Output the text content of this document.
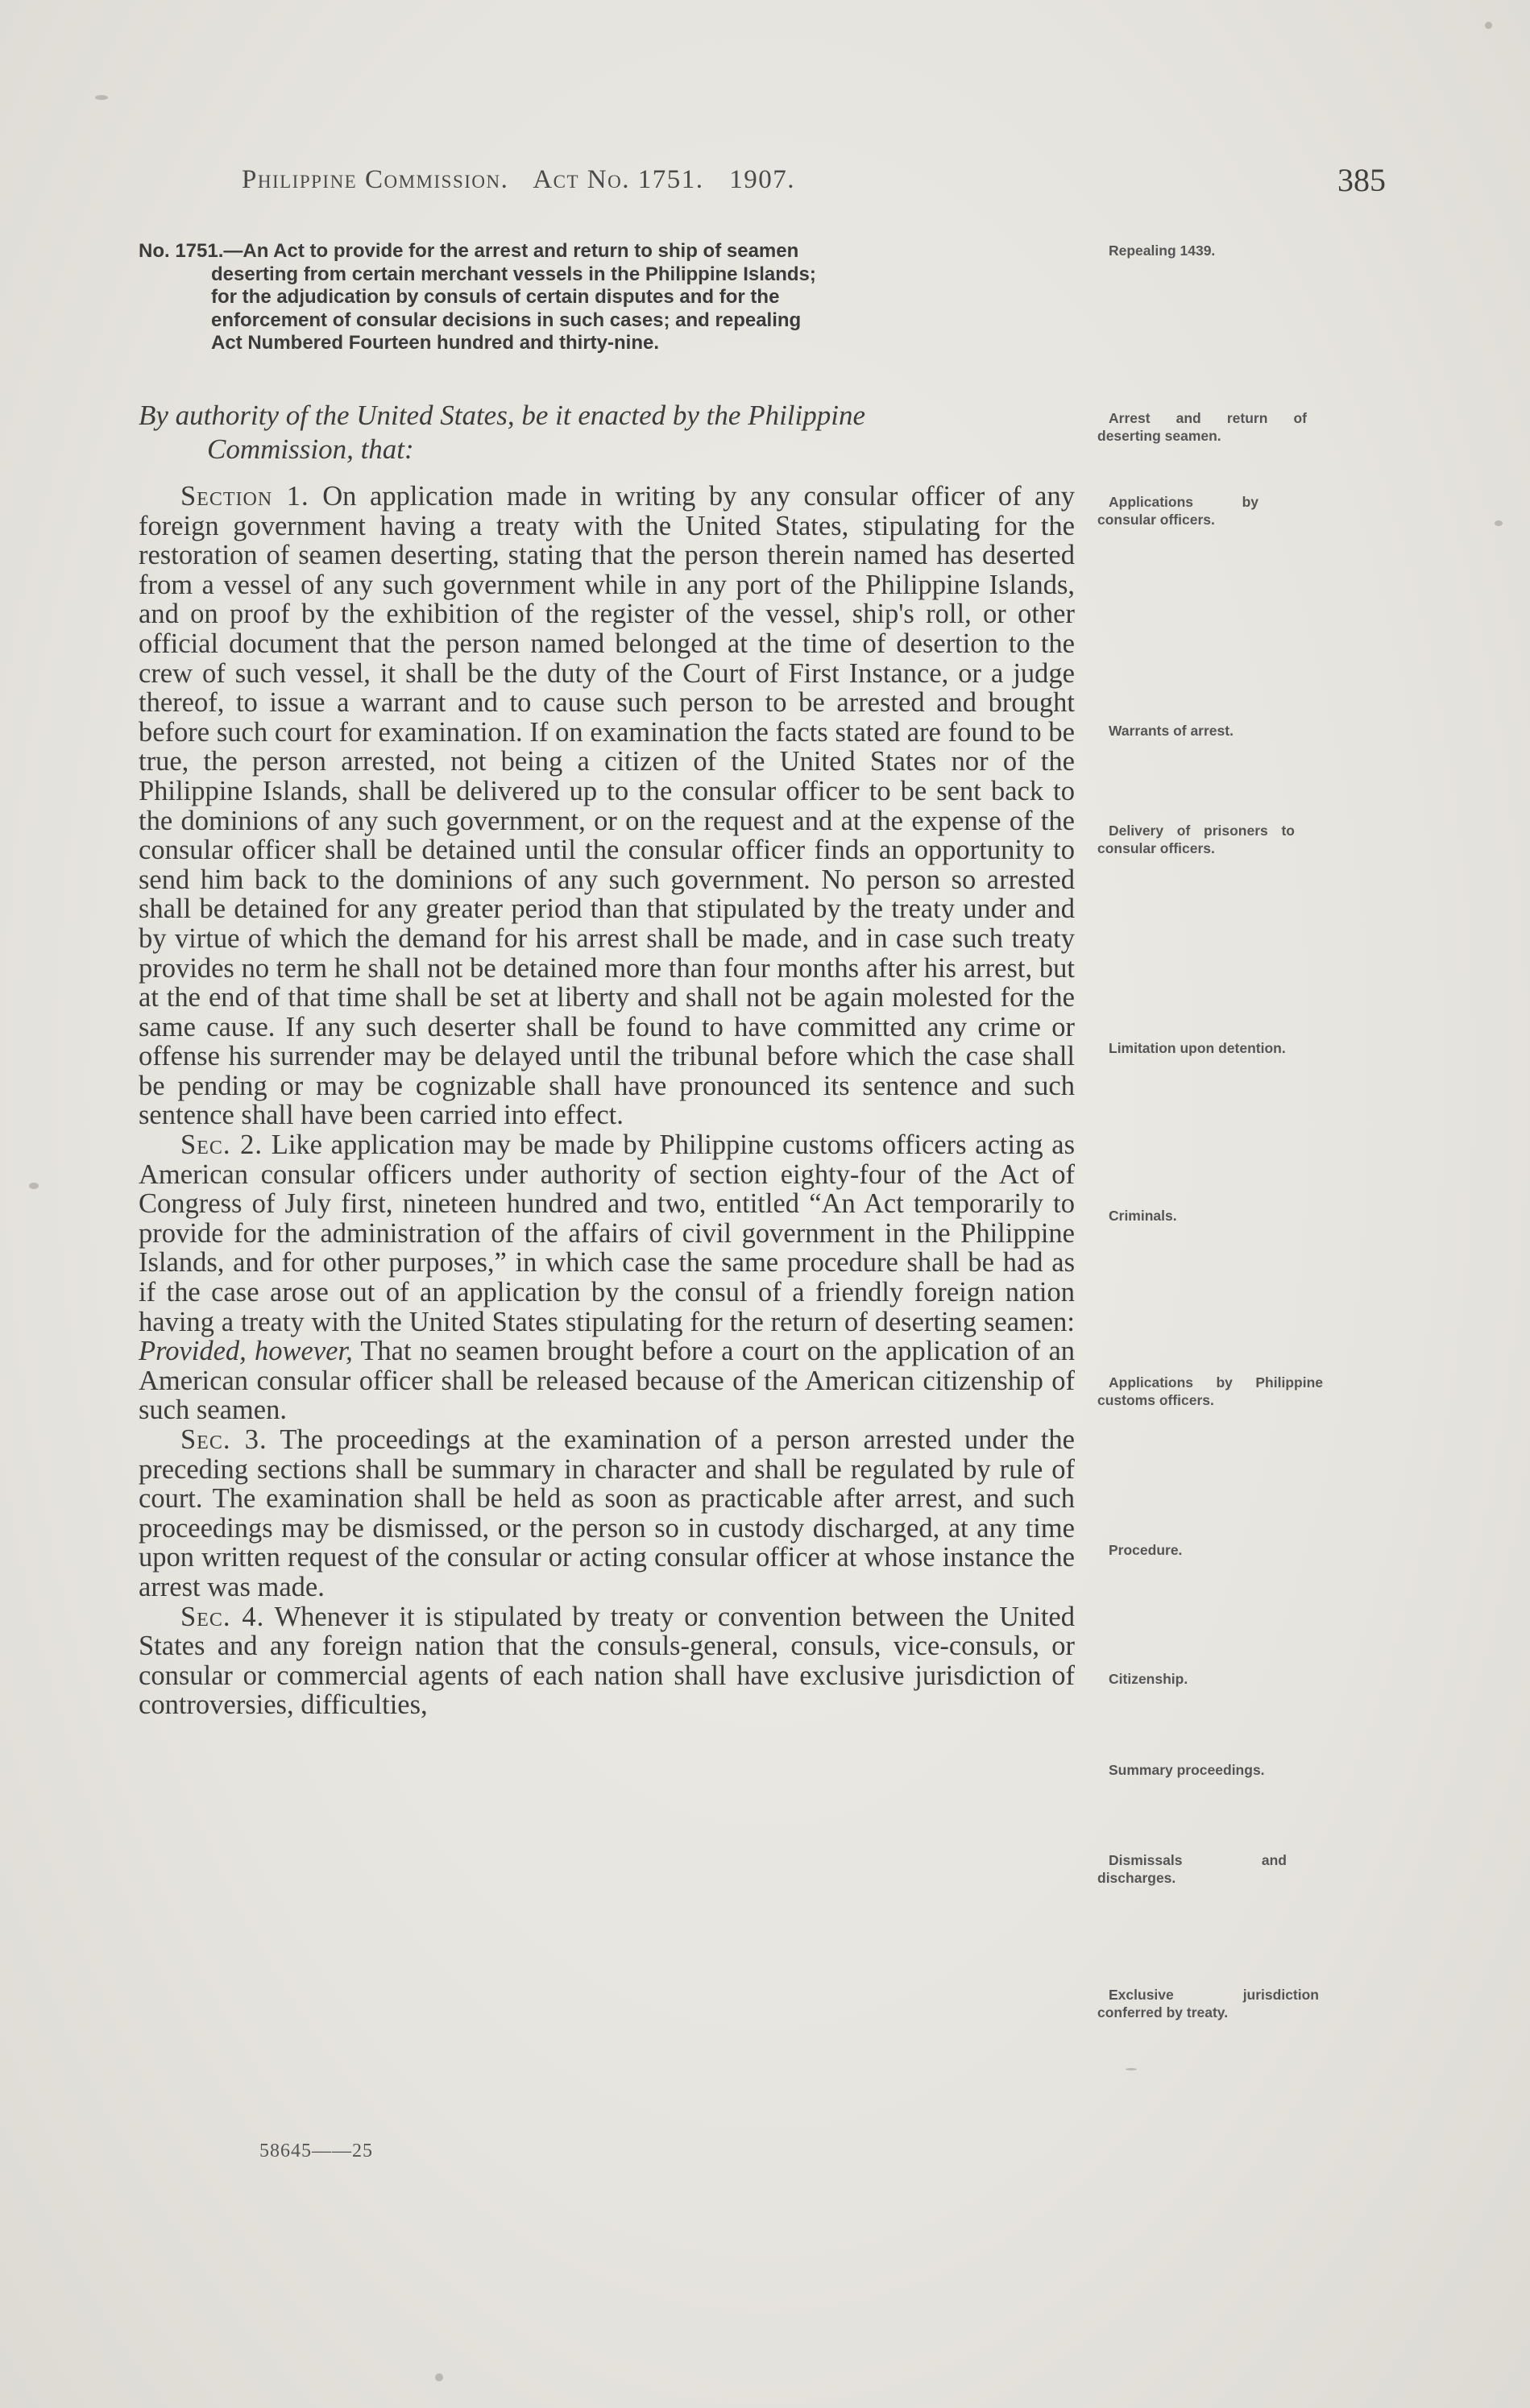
Philippine Commission. Act No. 1751. 1907.	385
No. 1751.—An Act to provide for the arrest and return to ship of seamen
deserting from certain merchant vessels in the Philippine Islands;
for the adjudication by consuls of certain disputes and for the
enforcement of consular decisions in such cases; and repealing
Act Numbered Fourteen hundred and thirty-nine.
By authority of the United States, be it enacted by the Philippine
Commission, that:

Section 1. On application made in writing by any consular officer of any foreign government having a treaty with the United States, stipulating for the restoration of seamen deserting, stating that the person therein named has deserted from a vessel of any such government while in any port of the Philippine Islands, and on proof by the exhibition of the register of the vessel, ship's roll, or other official document that the person named belonged at the time of desertion to the crew of such vessel, it shall be the duty of the Court of First Instance, or a judge thereof, to issue a warrant and to cause such person to be arrested and brought before such court for examination. If on examination the facts stated are found to be true, the person arrested, not being a citizen of the United States nor of the Philippine Islands, shall be delivered up to the consular officer to be sent back to the dominions of any such government, or on the request and at the expense of the consular officer shall be detained until the consular officer finds an opportunity to send him back to the dominions of any such government. No person so arrested shall be detained for any greater period than that stipulated by the treaty under and by virtue of which the demand for his arrest shall be made, and in case such treaty provides no term he shall not be detained more than four months after his arrest, but at the end of that time shall be set at liberty and shall not be again molested for the same cause. If any such deserter shall be found to have committed any crime or offense his surrender may be delayed until the tribunal before which the case shall be pending or may be cognizable shall have pronounced its sentence and such sentence shall have been carried into effect.

Sec. 2. Like application may be made by Philippine customs officers acting as American consular officers under authority of section eighty-four of the Act of Congress of July first, nineteen hundred and two, entitled “An Act temporarily to provide for the administration of the affairs of civil government in the Philippine Islands, and for other purposes,” in which case the same procedure shall be had as if the case arose out of an application by the consul of a friendly foreign nation having a treaty with the United States stipulating for the return of deserting seamen: Provided, however, That no seamen brought before a court on the application of an American consular officer shall be released because of the American citizenship of such seamen.

Sec. 3. The proceedings at the examination of a person arrested under the preceding sections shall be summary in character and shall be regulated by rule of court. The examination shall be held as soon as practicable after arrest, and such proceedings may be dismissed, or the person so in custody discharged, at any time upon written request of the consular or acting consular officer at whose instance the arrest was made.

Sec. 4. Whenever it is stipulated by treaty or convention between the United States and any foreign nation that the consuls-general, consuls, vice-consuls, or consular or commercial agents of each nation shall have exclusive jurisdiction of controversies, difficulties,

Repealing 1439.
Arrest and return of deserting seamen.
Applications by consular officers.
Warrants of arrest.
Delivery of prisoners to consular officers.
Limitation upon detention.
Criminals.
Applications by Philippine customs officers.
Procedure.
Citizenship.
Summary proceedings.
Dismissals and discharges.
Exclusive jurisdiction conferred by treaty.
58645——25
